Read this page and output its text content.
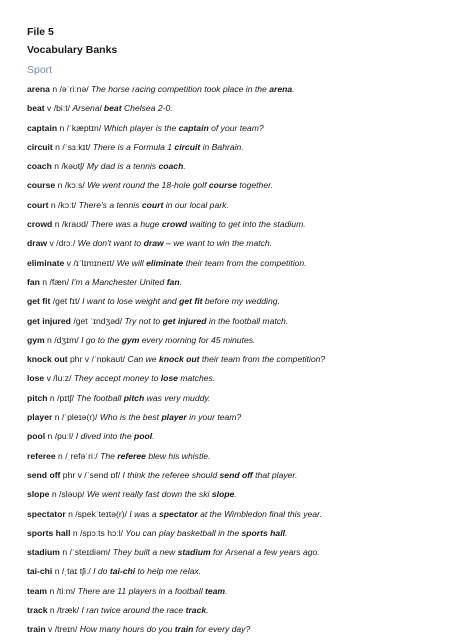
File 5
Vocabulary Banks
Sport
arena n /əˈriːnə/ The horse racing competition took place in the arena.
beat v /biːt/ Arsenal beat Chelsea 2-0.
captain n /ˈkæptɪn/ Which player is the captain of your team?
circuit n /ˈsɜːkɪt/ There is a Formula 1 circuit in Bahrain.
coach n /kəʊtʃ/ My dad is a tennis coach.
course n /kɔːs/ We went round the 18-hole golf course together.
court n /kɔːt/ There's a tennis court in our local park.
crowd n /kraʊd/ There was a huge crowd waiting to get into the stadium.
draw v /drɔː/ We don't want to draw – we want to win the match.
eliminate v /ɪˈlɪmɪneɪt/ We will eliminate their team from the competition.
fan n /fæn/ I'm a Manchester United fan.
get fit /get fɪt/ I want to lose weight and get fit before my wedding.
get injured /get ˈɪndʒəd/ Try not to get injured in the football match.
gym n /dʒɪm/ I go to the gym every morning for 45 minutes.
knock out phr v /ˈnɒkaʊt/ Can we knock out their team from the competition?
lose v /luːz/ They accept money to lose matches.
pitch n /pɪtʃ/ The football pitch was very muddy.
player n /ˈpleɪə(r)/ Who is the best player in your team?
pool n /puːl/ I dived into the pool.
referee n /ˌrefəˈriː/ The referee blew his whistle.
send off phr v /ˈsend ɒf/ I think the referee should send off that player.
slope n /sləʊp/ We went really fast down the ski slope.
spectator n /spekˈteɪtə(r)/ I was a spectator at the Wimbledon final this year.
sports hall n /spɔːts hɔːl/ You can play basketball in the sports hall.
stadium n /ˈsteɪdiəm/ They built a new stadium for Arsenal a few years ago.
tai-chi n /ˌtaɪ tʃiː/ I do tai-chi to help me relax.
team n /tiːm/ There are 11 players in a football team.
track n /træk/ I ran twice around the race track.
train v /treɪn/ How many hours do you train for every day?
